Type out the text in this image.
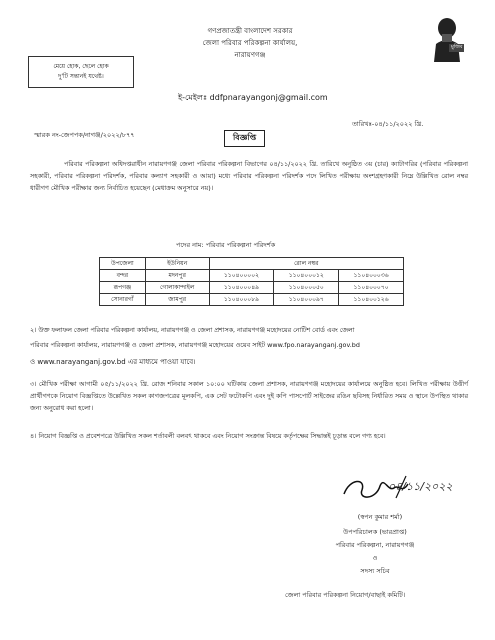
মেয়ে হোক, ছেলে হোক
দু'টি সন্তানই যথেষ্ট।
গণপ্রজাতন্ত্রী বাংলাদেশ সরকার
জেলা পরিবার পরিকল্পনা কার্যালয়,
নারায়ণগঞ্জ
ই-মেইলঃ ddfpnarayangonj@gmail.com
মুজিব
স্মারক নং-জেপপক/নাগঞ্জ/২০২২/৮৭৭
তারিখঃ-০৪/১১/২০২২ খ্রি.
বিজ্ঞপ্তি
পরিবার পরিকল্পনা অধিদপ্তরাধীন নারায়ণগঞ্জ জেলা পরিবার পরিকল্পনা বিভাগের ০৪/১১/২০২২ খ্রি. তারিখে অনুষ্ঠিত ৩য় (চার) ক্যাটাগরির (পরিবার পরিকল্পনা সহকারী, পরিবার পরিকল্পনা পরিদর্শক, পরিবার কল্যাণ সহকারী ও আয়া) মধ্যে পরিবার পরিকল্পনা পরিদর্শক পদে লিখিত পরীক্ষায় অংশগ্রহণকারী নিম্নে উল্লিখিত রোল নম্বর ধারীগণ মৌখিক পরীক্ষার জন্য নির্বাচিত হয়েছেন (মেধাক্রম অনুসারে নয়)।
পদের নাম: পরিবার পরিকল্পনা পরিদর্শক
উপজেলা	ইউনিয়ন	রোল নম্বর		
বন্দর	মদনপুর	১১০৪০০০০২	১১০৪০০০১২	১১০৪০০০৩৬
রূপগঞ্জ	গোলাকান্দাইল	১১০৪০০০৪৯	১১০৪০০০৫০	১১০৪০০০৭০
সোনারগাঁ	জামপুর	১১০৪০০০৮৯	১১০৪০০০৯৭	১১০৪০০১২৬
২। উক্ত ফলাফল জেলা পরিবার পরিকল্পনা কার্যালয়, নারায়ণগঞ্জ ও জেলা প্রশাসক, নারায়ণগঞ্জ মহোদয়ের নোটিশ বোর্ড এবং জেলা
পরিবার পরিকল্পনা কার্যালয়, নারায়ণগঞ্জ ও জেলা প্রশাসক, নারায়ণগঞ্জ মহোদয়ের ওয়েব সাইট www.fpo.narayanganj.gov.bd
ও www.narayanganj.gov.bd এর মাধ্যমে পাওয়া যাবে।
৩। মৌখিক পরীক্ষা আগামী ০৫/১১/২০২২ খ্রি. রোজ শনিবার সকাল ১০:০০ ঘটিকায় জেলা প্রশাসক, নারায়ণগঞ্জ মহোদয়ের কার্যালয়ে অনুষ্ঠিত হবে। লিখিত পরীক্ষায় উত্তীর্ণ প্রার্থীগণকে নিয়োগ বিজ্ঞপ্তিতে উল্লেখিত সকল কাগজপত্রের মূলকপি, এক সেট ফটোকপি এবং দুই কপি পাসপোর্ট সাইজের রঙিন ছবিসহ নির্ধারিত সময় ও স্থানে উপস্থিত থাকার জন্য অনুরোধ করা হলো।
৪। নিয়োগ বিজ্ঞপ্তি ও প্রবেশপত্রে উল্লিখিত সকল শর্তাবলী বলবৎ থাকবে এবং নিয়োগ সংক্রান্ত বিষয়ে কর্তৃপক্ষের সিদ্ধান্তই চূড়ান্ত বলে গণ্য হবে।
০৪/১১/২০২২
(স্বপন কুমার শর্মা)
উপপরিচালক (ভারপ্রাপ্ত)
পরিবার পরিকল্পনা, নারায়ণগঞ্জ
ও
সদস্য সচিব
জেলা পরিবার পরিকল্পনা নিয়োগ/বাছাই কমিটি।
